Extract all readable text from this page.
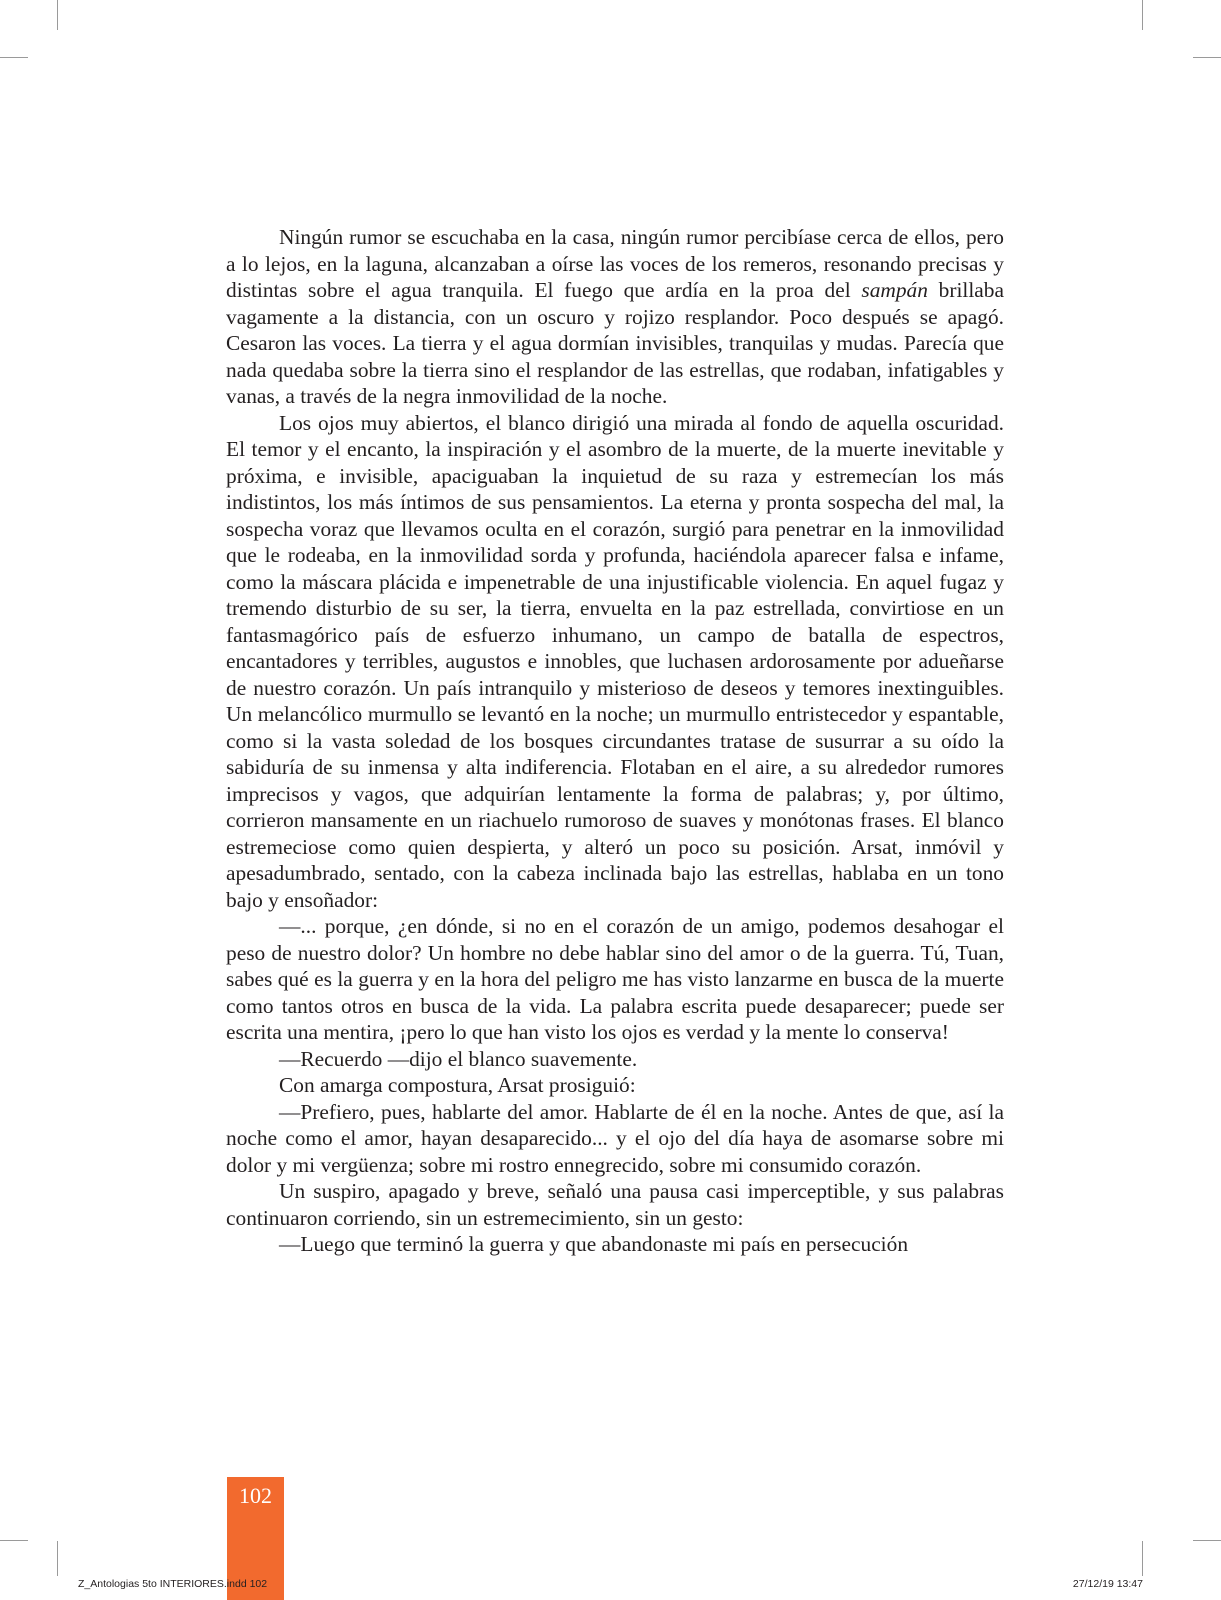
Ningún rumor se escuchaba en la casa, ningún rumor percibíase cerca de ellos, pero a lo lejos, en la laguna, alcanzaban a oírse las voces de los remeros, resonando precisas y distintas sobre el agua tranquila. El fuego que ardía en la proa del sampán brillaba vagamente a la distancia, con un oscuro y rojizo resplandor. Poco después se apagó. Cesaron las voces. La tierra y el agua dormían invisibles, tranquilas y mudas. Parecía que nada quedaba sobre la tierra sino el resplandor de las estrellas, que rodaban, infatigables y vanas, a través de la negra inmovilidad de la noche.

Los ojos muy abiertos, el blanco dirigió una mirada al fondo de aquella oscuridad. El temor y el encanto, la inspiración y el asombro de la muerte, de la muerte inevitable y próxima, e invisible, apaciguaban la inquietud de su raza y estremecían los más indistintos, los más íntimos de sus pensamientos. La eterna y pronta sospecha del mal, la sospecha voraz que llevamos oculta en el corazón, surgió para penetrar en la inmovilidad que le rodeaba, en la inmovilidad sorda y profunda, haciéndola aparecer falsa e infame, como la máscara plácida e impenetrable de una injustificable violencia. En aquel fugaz y tremendo disturbio de su ser, la tierra, envuelta en la paz estrellada, convirtiose en un fantasmagórico país de esfuerzo inhumano, un campo de batalla de espectros, encantadores y terribles, augustos e innobles, que luchasen ardorosamente por adueñarse de nuestro corazón. Un país intranquilo y misterioso de deseos y temores inextinguibles. Un melancólico murmullo se levantó en la noche; un murmullo entristecedor y espantable, como si la vasta soledad de los bosques circundantes tratase de susurrar a su oído la sabiduría de su inmensa y alta indiferencia. Flotaban en el aire, a su alrededor rumores imprecisos y vagos, que adquirían lentamente la forma de palabras; y, por último, corrieron mansamente en un riachuelo rumoroso de suaves y monótonas frases. El blanco estremeciose como quien despierta, y alteró un poco su posición. Arsat, inmóvil y apesadumbrado, sentado, con la cabeza inclinada bajo las estrellas, hablaba en un tono bajo y ensoñador:

—... porque, ¿en dónde, si no en el corazón de un amigo, podemos desahogar el peso de nuestro dolor? Un hombre no debe hablar sino del amor o de la guerra. Tú, Tuan, sabes qué es la guerra y en la hora del peligro me has visto lanzarme en busca de la muerte como tantos otros en busca de la vida. La palabra escrita puede desaparecer; puede ser escrita una mentira, ¡pero lo que han visto los ojos es verdad y la mente lo conserva!

—Recuerdo —dijo el blanco suavemente.

Con amarga compostura, Arsat prosiguió:

—Prefiero, pues, hablarte del amor. Hablarte de él en la noche. Antes de que, así la noche como el amor, hayan desaparecido... y el ojo del día haya de asomarse sobre mi dolor y mi vergüenza; sobre mi rostro ennegrecido, sobre mi consumido corazón.

Un suspiro, apagado y breve, señaló una pausa casi imperceptible, y sus palabras continuaron corriendo, sin un estremecimiento, sin un gesto:

—Luego que terminó la guerra y que abandonaste mi país en persecución

102
Z_Antologias 5to INTERIORES.indd 102	27/12/19 13:47
